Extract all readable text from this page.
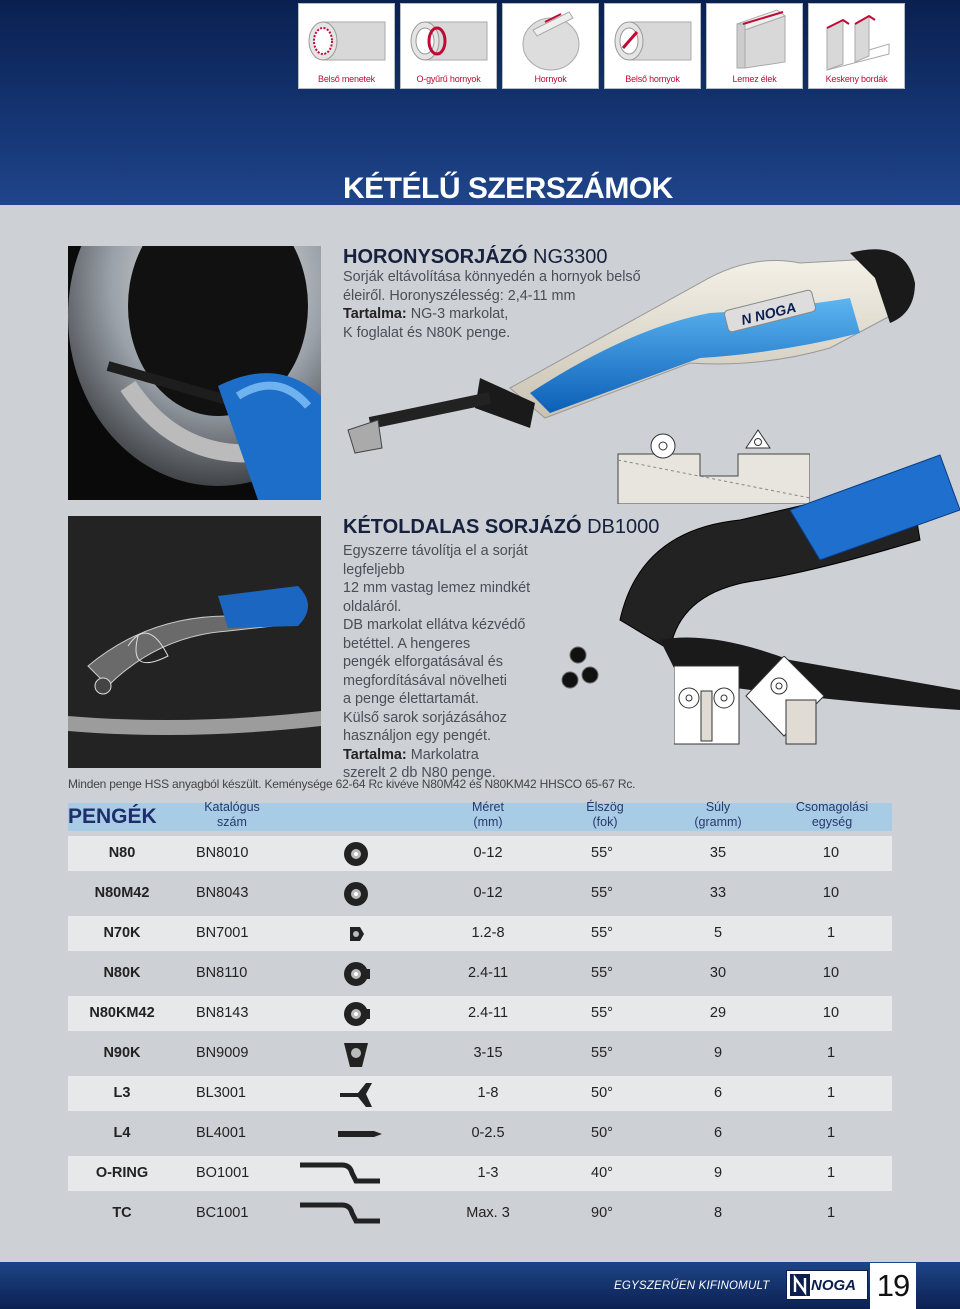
Belső menetek	O-gyűrű hornyok	Hornyok	Belső hornyok	Lemez élek	Keskeny bordák
KÉTÉLŰ SZERSZÁMOK
HORONYSORJÁZÓ NG3300
Sorják eltávolítása könnyedén a hornyok belső
éleiről. Horonyszélesség: 2,4-11 mm
Tartalma: NG-3 markolat,
K foglalat és N80K penge.
N NOGA
KÉTOLDALAS SORJÁZÓ DB1000
Egyszerre távolítja el a sorját legfeljebb
12 mm vastag lemez mindkét
oldaláról.
DB markolat ellátva kézvédő
betéttel. A hengeres
pengék elforgatásával és
megfordításával növelheti
a penge élettartamát.
Külső sarok sorjázásához
használjon egy pengét.
Tartalma: Markolatra
szerelt 2 db N80 penge.
Minden penge HSS anyagból készült. Keménysége 62-64 Rc kivéve N80M42 és N80KM42 HHSCO 65-67 Rc.
PENGÉK	Katalógus
szám
Méret
(mm)
Élszög
(fok)
Súly
(gramm)
Csomagolási
egység
N80	BN8010	0-12	55°	35	10
N80M42	BN8043	0-12	55°	33	10
N70K	BN7001	1.2-8	55°	5	1
N80K	BN8110	2.4-11	55°	30	10
N80KM42	BN8143	2.4-11	55°	29	10
N90K	BN9009	3-15	55°	9	1
L3	BL3001	1-8	50°	6	1
L4	BL4001	0-2.5	50°	6	1
O-RING	BO1001	1-3	40°	9	1
TC	BC1001	Max. 3	90°	8	1
EGYSZERŰEN KIFINOMULT	NOGA 19
